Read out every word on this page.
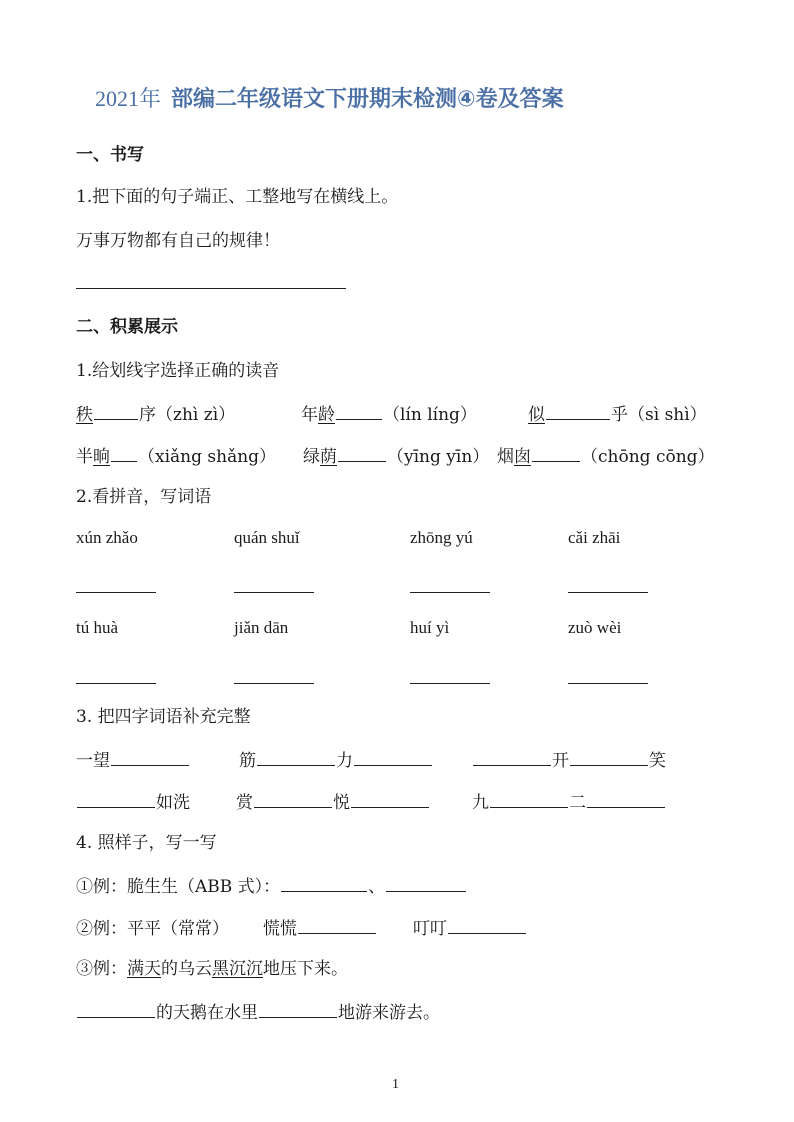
2021年 部编二年级语文下册期末检测④卷及答案
一、书写
1.把下面的句子端正、工整地写在横线上。
万事万物都有自己的规律！
二、积累展示
1.给划线字选择正确的读音
秩	序（zhì zì）	年龄	（lín líng）	似	乎（sì shì）
半晌 （xiǎng shǎng） 绿荫	（yīng yīn） 烟囱	（chōng cōng）
2.看拼音，写词语
xún zhǎo	quán shuǐ	zhōng yú	cǎi zhāi
tú huà	jiǎn dān	huí yì	zuò wèi
3. 把四字词语补充完整
一望	筋	力	开	笑
如洗	赏	悦	九	二
4. 照样子，写一写
①例：脆生生（ABB 式）：	、
②例：平平（常常） 慌慌	叮叮
③例：满天的乌云黑沉沉地压下来。
的天鹅在水里	地游来游去。
1
